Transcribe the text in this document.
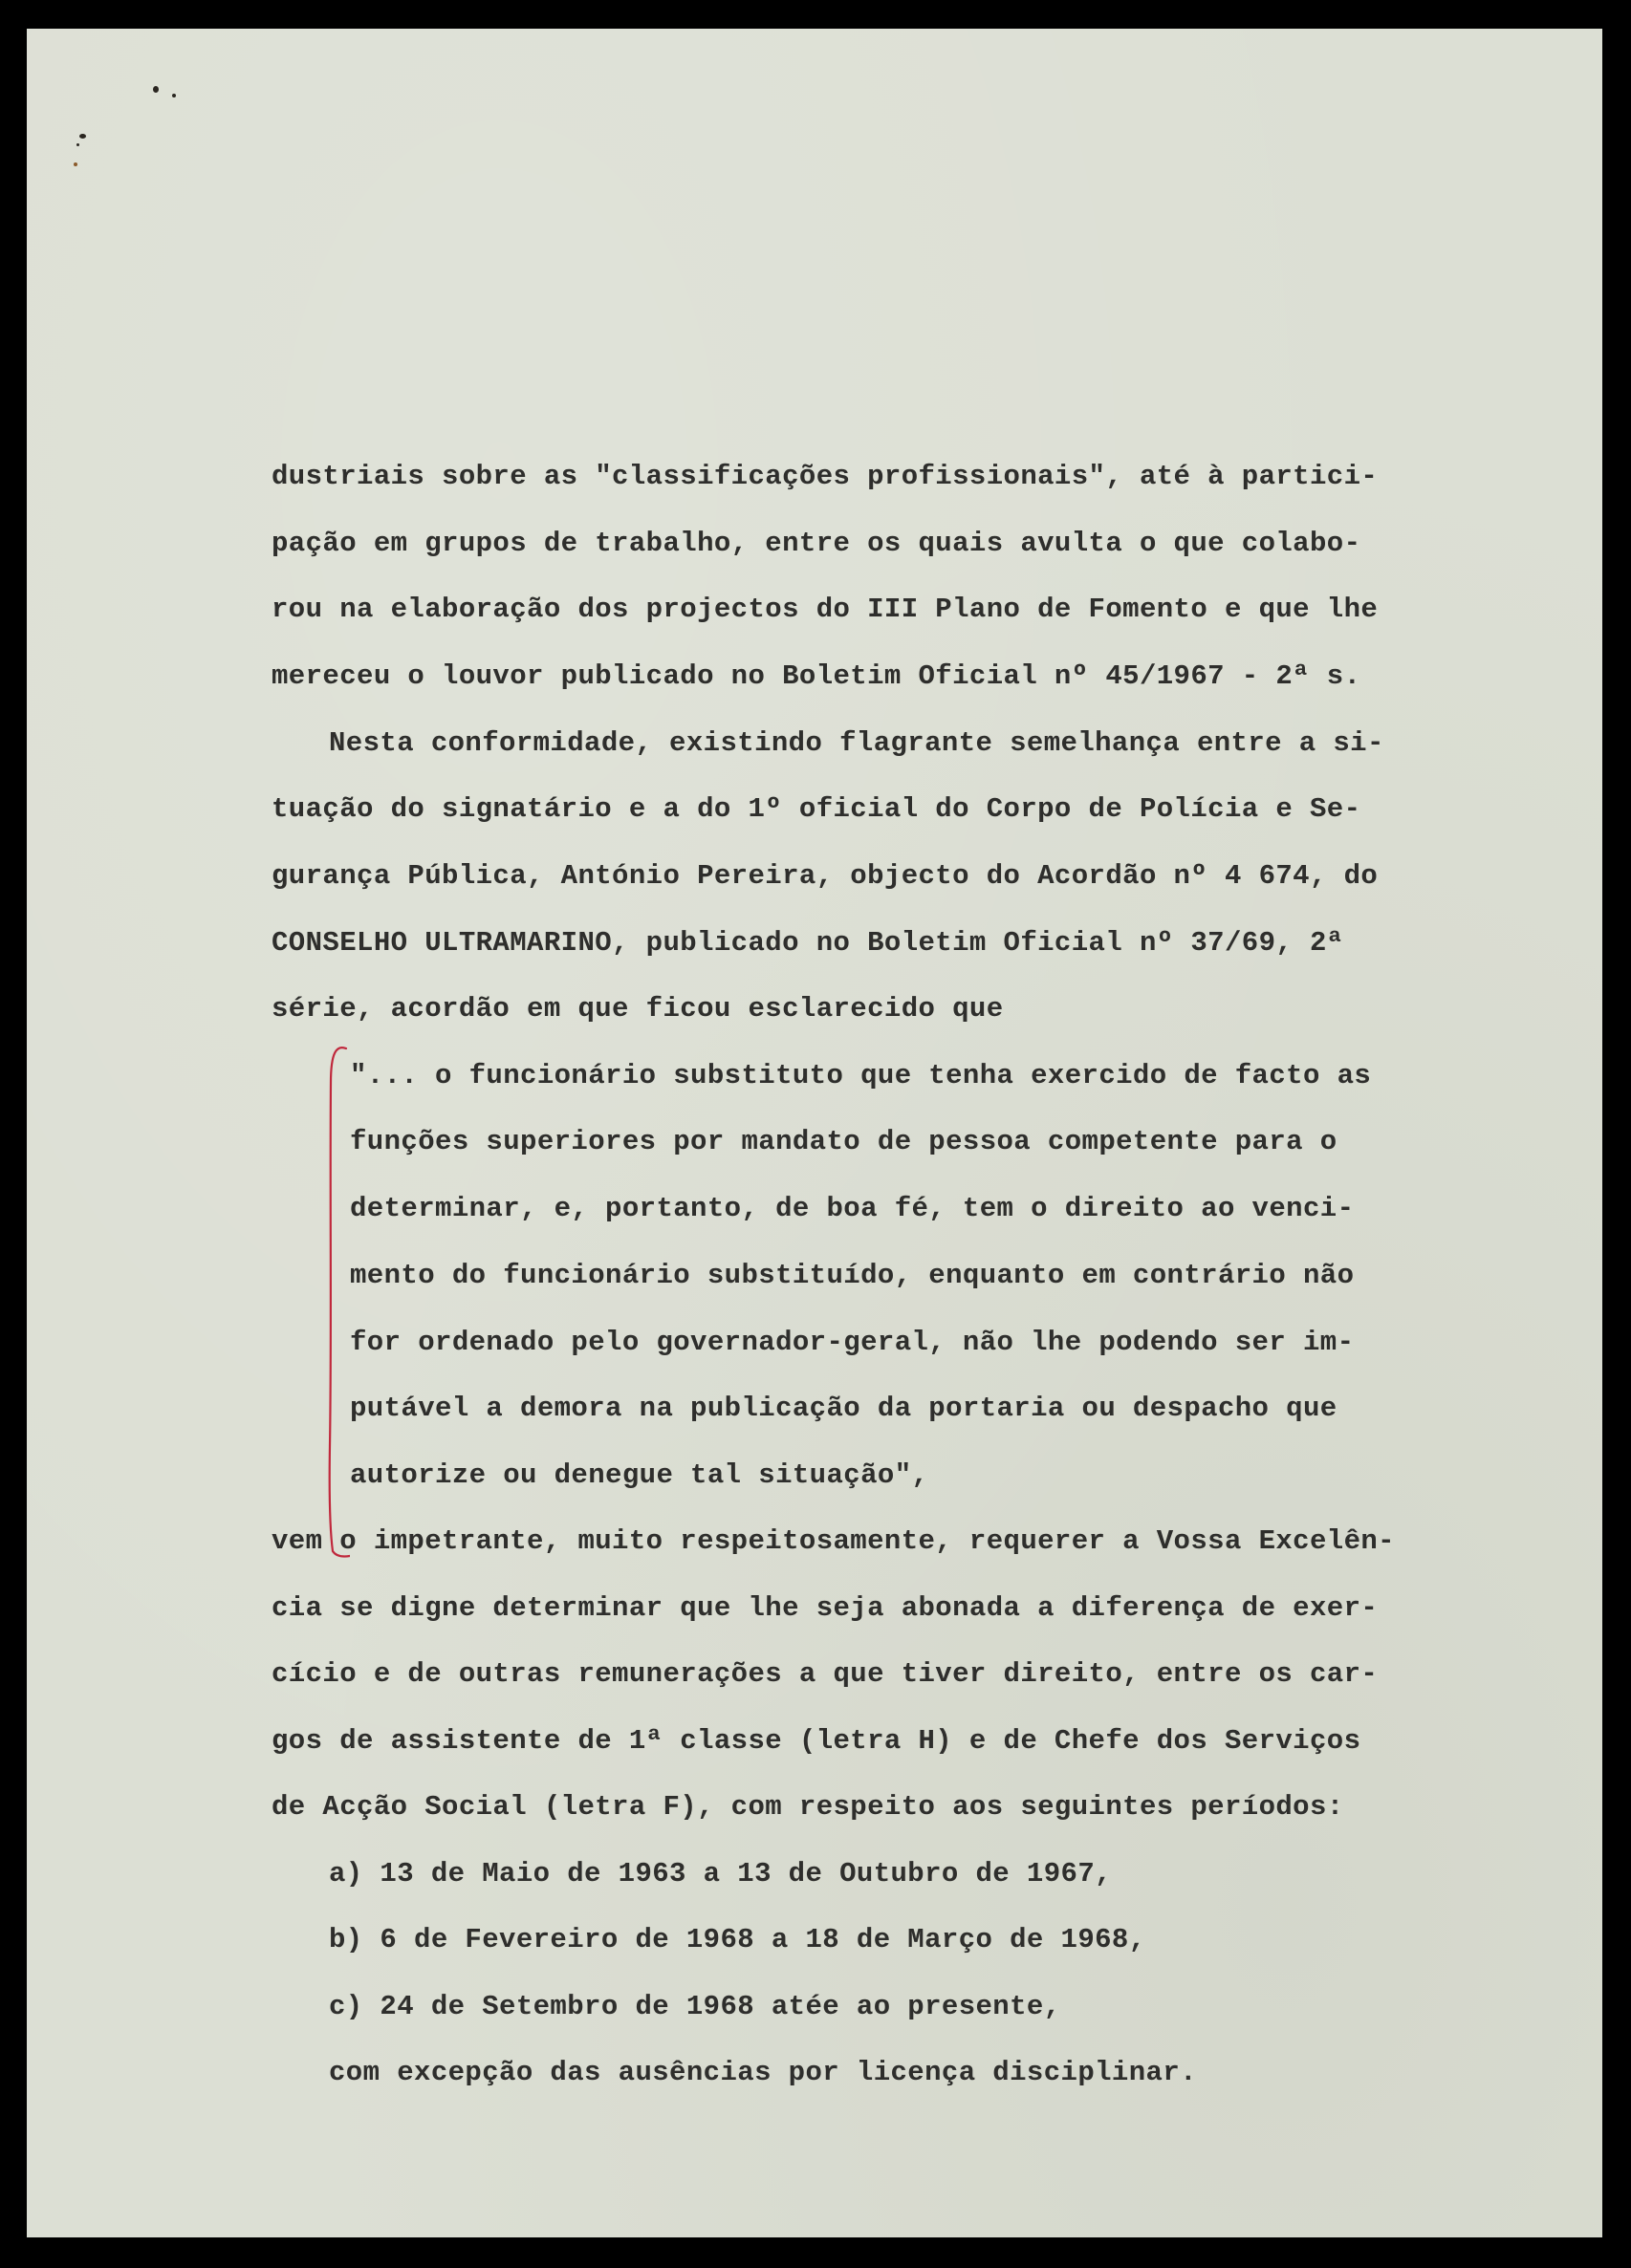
dustriais sobre as "classificações profissionais", até à partici-
pação em grupos de trabalho, entre os quais avulta o que colabo-
rou na elaboração dos projectos do III Plano de Fomento e que lhe
mereceu o louvor publicado no Boletim Oficial nº 45/1967 - 2ª s.
Nesta conformidade, existindo flagrante semelhança entre a si-
tuação do signatário e a do 1º oficial do Corpo de Polícia e Se-
gurança Pública, António Pereira, objecto do Acordão nº 4 674, do
CONSELHO ULTRAMARINO, publicado no Boletim Oficial nº 37/69, 2ª
série, acordão em que ficou esclarecido que
"... o funcionário substituto que tenha exercido de facto as
funções superiores por mandato de pessoa competente para o
determinar, e, portanto, de boa fé, tem o direito ao venci-
mento do funcionário substituído, enquanto em contrário não
for ordenado pelo governador-geral, não lhe podendo ser im-
putável a demora na publicação da portaria ou despacho que
autorize ou denegue tal situação",
vem o impetrante, muito respeitosamente, requerer a Vossa Excelên-
cia se digne determinar que lhe seja abonada a diferença de exer-
cício e de outras remunerações a que tiver direito, entre os car-
gos de assistente de 1ª classe (letra H) e de Chefe dos Serviços
de Acção Social (letra F), com respeito aos seguintes períodos:
a) 13 de Maio de 1963 a 13 de Outubro de 1967,
b) 6 de Fevereiro de 1968 a 18 de Março de 1968,
c) 24 de Setembro de 1968 atée ao presente,
com excepção das ausências por licença disciplinar.
